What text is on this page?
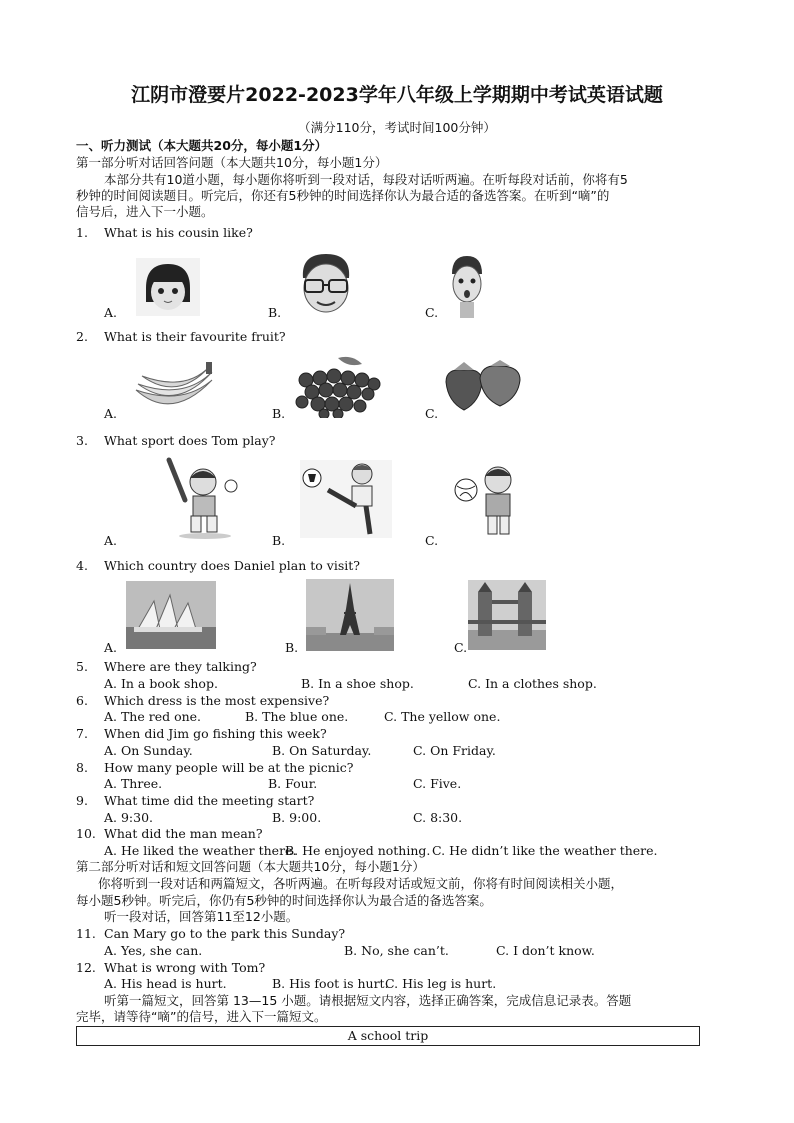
江阴市澄要片2022-2023学年八年级上学期期中考试英语试题
（满分110分，考试时间100分钟）
一、听力测试（本大题共20分，每小题1分）
第一部分听对话回答问题（本大题共10分，每小题1分）
本部分共有10道小题，每小题你将听到一段对话，每段对话听两遍。在听每段对话前，你将有5
秒钟的时间阅读题目。听完后，你还有5秒钟的时间选择你认为最合适的备选答案。在听到“嘀”的
信号后，进入下一小题。
1. What is his cousin like?
A.	B.	C.
2. What is their favourite fruit?
A.	B.	C.
3. What sport does Tom play?
A.	B.	C.
4. Which country does Daniel plan to visit?
A.	B.	C.
5. Where are they talking?
A. In a book shop.	B. In a shoe shop.	C. In a clothes shop.
6. Which dress is the most expensive?
A. The red one.	B. The blue one.	C. The yellow one.
7. When did Jim go fishing this week?
A. On Sunday.	B. On Saturday.	C. On Friday.
8. How many people will be at the picnic?
A. Three.	B. Four.	C. Five.
9. What time did the meeting start?
A. 9:30.	B. 9:00.	C. 8:30.
10. What did the man mean?
A. He liked the weather there.
B. He enjoyed nothing. C. He didn’t like the weather there.
第二部分听对话和短文回答问题（本大题共10分，每小题1分）
你将听到一段对话和两篇短文，各听两遍。在听每段对话或短文前，你将有时间阅读相关小题，
每小题5秒钟。听完后，你仍有5秒钟的时间选择你认为最合适的备选答案。
听一段对话，回答第11至12小题。
11. Can Mary go to the park this Sunday?
A. Yes, she can.	B. No, she can’t.	C. I don’t know.
12. What is wrong with Tom?
A. His head is hurt.	B. His foot is hurt.
C. His leg is hurt.
听第一篇短文，回答第 13—15 小题。请根据短文内容，选择正确答案，完成信息记录表。答题
完毕，请等待“嘀”的信号，进入下一篇短文。
A school trip
